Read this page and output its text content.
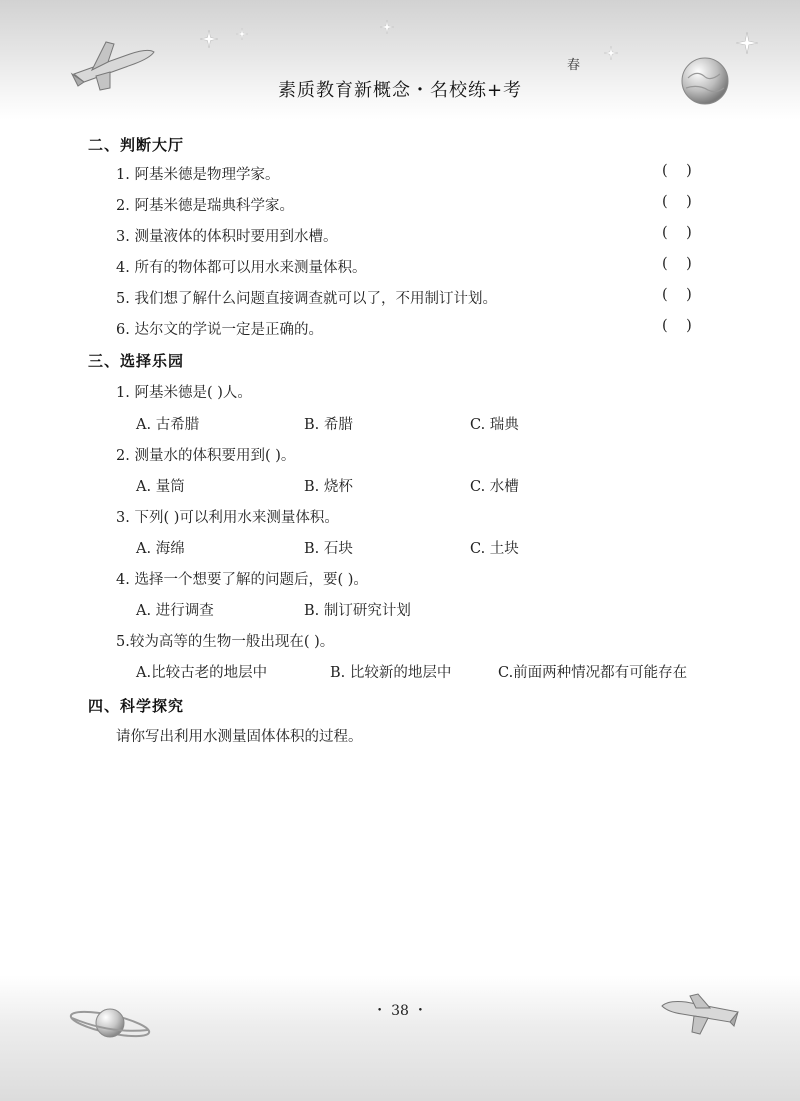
素质教育新概念・名校练+考
春
二、判断大厅
1. 阿基米德是物理学家。	(    )
2. 阿基米德是瑞典科学家。	(    )
3. 测量液体的体积时要用到水槽。	(    )
4. 所有的物体都可以用水来测量体积。	(    )
5. 我们想了解什么问题直接调查就可以了，不用制订计划。	(    )
6. 达尔文的学说一定是正确的。	(    )
三、选择乐园
1. 阿基米德是( )人。
A. 古希腊	B. 希腊	C. 瑞典
2. 测量水的体积要用到( )。
A. 量筒	B. 烧杯	C. 水槽
3. 下列( )可以利用水来测量体积。
A. 海绵	B. 石块	C. 土块
4. 选择一个想要了解的问题后，要( )。
A. 进行调查	B. 制订研究计划
5.较为高等的生物一般出现在( )。
A.比较古老的地层中	B. 比较新的地层中	C.前面两种情况都有可能存在
四、科学探究
请你写出利用水测量固体体积的过程。
・ 38 ・
